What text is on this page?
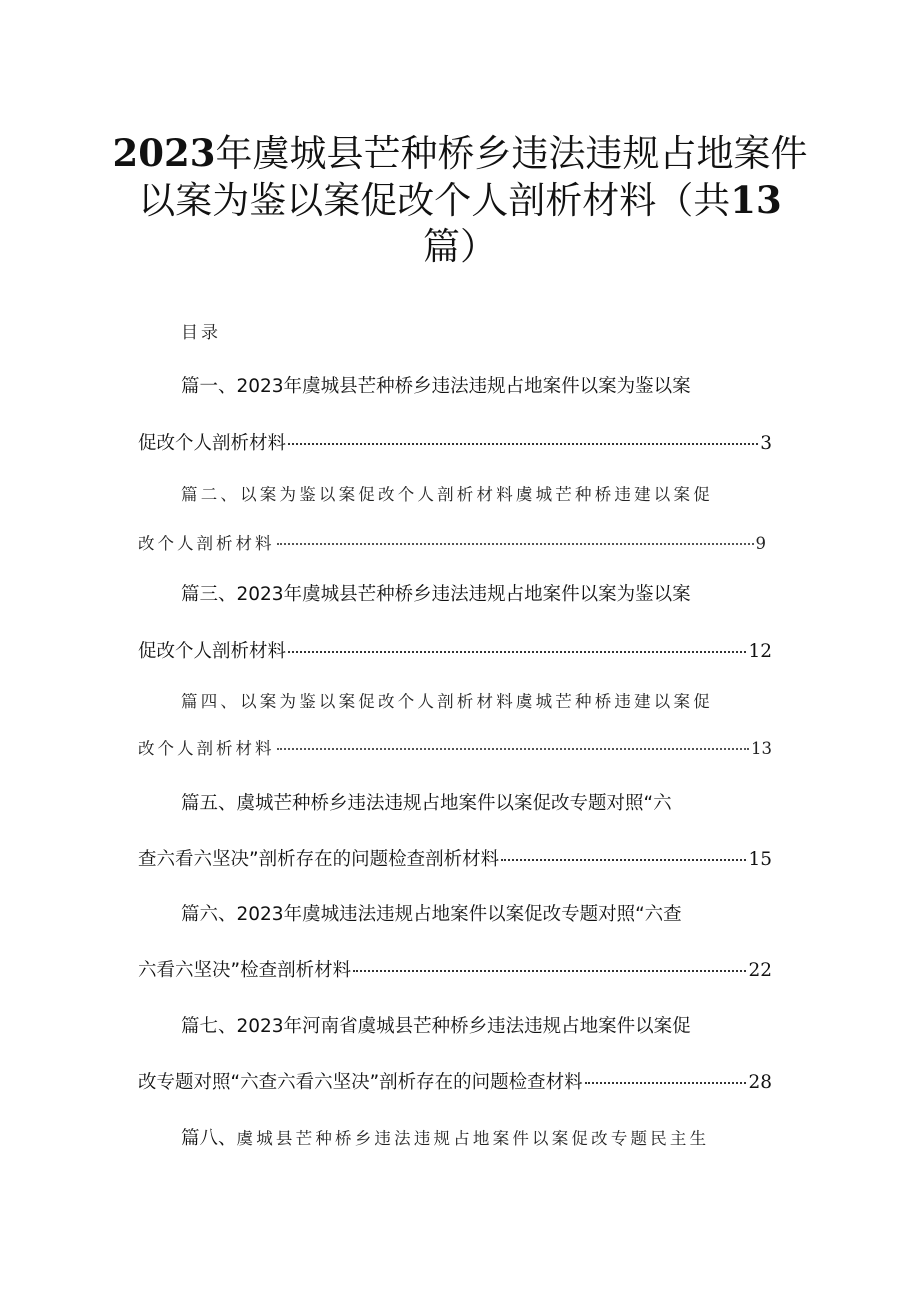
2023年虞城县芒种桥乡违法违规占地案件
以案为鉴以案促改个人剖析材料（共13
篇）
目录
篇一、2023年虞城县芒种桥乡违法违规占地案件以案为鉴以案
促改个人剖析材料	3
篇二、以案为鉴以案促改个人剖析材料虞城芒种桥违建以案促
改个人剖析材料	9
篇三、2023年虞城县芒种桥乡违法违规占地案件以案为鉴以案
促改个人剖析材料	12
篇四、以案为鉴以案促改个人剖析材料虞城芒种桥违建以案促
改个人剖析材料	13
篇五、虞城芒种桥乡违法违规占地案件以案促改专题对照“六
查六看六坚决”剖析存在的问题检查剖析材料	15
篇六、2023年虞城违法违规占地案件以案促改专题对照“六查
六看六坚决”检查剖析材料	22
篇七、2023年河南省虞城县芒种桥乡违法违规占地案件以案促
改专题对照“六查六看六坚决”剖析存在的问题检查材料	28
篇八、虞城县芒种桥乡违法违规占地案件以案促改专题民主生
